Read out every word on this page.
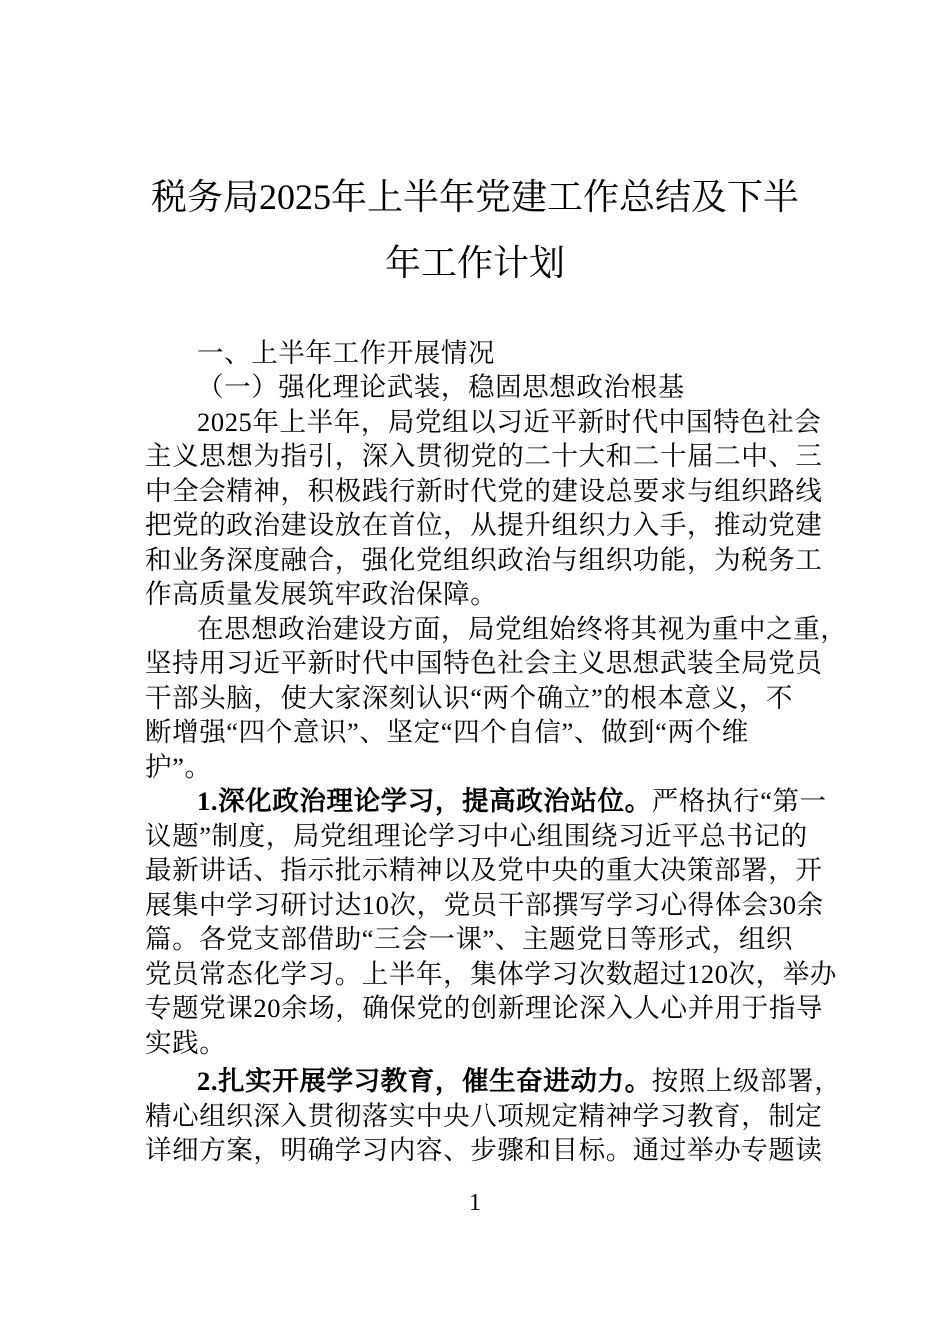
税务局2025年上半年党建工作总结及下半
年工作计划
一、上半年工作开展情况
（一）强化理论武装，稳固思想政治根基
2025年上半年，局党组以习近平新时代中国特色社会
主义思想为指引，深入贯彻党的二十大和二十届二中、三
中全会精神，积极践行新时代党的建设总要求与组织路线
把党的政治建设放在首位，从提升组织力入手，推动党建
和业务深度融合，强化党组织政治与组织功能，为税务工
作高质量发展筑牢政治保障。
在思想政治建设方面，局党组始终将其视为重中之重，
坚持用习近平新时代中国特色社会主义思想武装全局党员
干部头脑，使大家深刻认识“两个确立”的根本意义，不
断增强“四个意识”、坚定“四个自信”、做到“两个维
护”。
1.深化政治理论学习，提高政治站位。严格执行“第一
议题”制度，局党组理论学习中心组围绕习近平总书记的
最新讲话、指示批示精神以及党中央的重大决策部署，开
展集中学习研讨达10次，党员干部撰写学习心得体会30余
篇。各党支部借助“三会一课”、主题党日等形式，组织
党员常态化学习。上半年，集体学习次数超过120次，举办
专题党课20余场，确保党的创新理论深入人心并用于指导
实践。
2.扎实开展学习教育，催生奋进动力。按照上级部署，
精心组织深入贯彻落实中央八项规定精神学习教育，制定
详细方案，明确学习内容、步骤和目标。通过举办专题读
1
